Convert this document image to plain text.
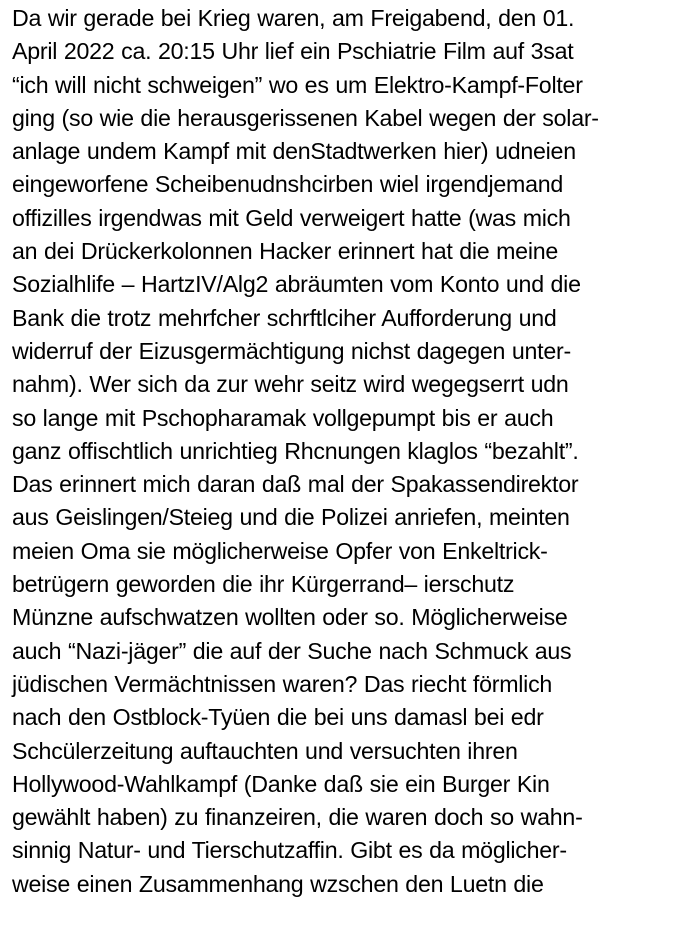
Da wir gerade bei Krieg waren, am Freigabend, den 01.
April 2022 ca. 20:15 Uhr lief ein Pschiatrie Film auf 3sat
“ich will nicht schweigen” wo es um Elektro-Kampf-Folter
ging (so wie die herausgerissenen Kabel wegen der solar-
anlage undem Kampf mit denStadtwerken hier) udneien
eingeworfene Scheibenudnshcirben wiel irgendjemand
offizilles irgendwas mit Geld verweigert hatte (was mich
an dei Drückerkolonnen Hacker erinnert hat die meine
Sozialhlife – HartzIV/Alg2 abräumten vom Konto und die
Bank die trotz mehrfcher schrftlciher Aufforderung und
widerruf der Eizusgermächtigung nichst dagegen unter-
nahm). Wer sich da zur wehr seitz wird wegegserrt udn
so lange mit Pschopharamak vollgepumpt bis er auch
ganz offischtlich unrichtieg Rhcnungen klaglos “bezahlt”.
Das erinnert mich daran daß mal der Spakassendirektor
aus Geislingen/Steieg und die Polizei anriefen, meinten
meien Oma sie möglicherweise Opfer von Enkeltrick-
betrügern geworden die ihr Kürgerrand– ierschutz
Münzne aufschwatzen wollten oder so. Möglicherweise
auch “Nazi-jäger” die auf der Suche nach Schmuck aus
jüdischen Vermächtnissen waren? Das riecht förmlich
nach den Ostblock-Tyüen die bei uns damasl bei edr
Schcülerzeitung auftauchten und versuchten ihren
Hollywood-Wahlkampf (Danke daß sie ein Burger Kin
gewählt haben) zu finanzeiren, die waren doch so wahn-
sinnig Natur- und Tierschutzaffin. Gibt es da möglicher-
weise einen Zusammenhang wzschen den Luetn die
